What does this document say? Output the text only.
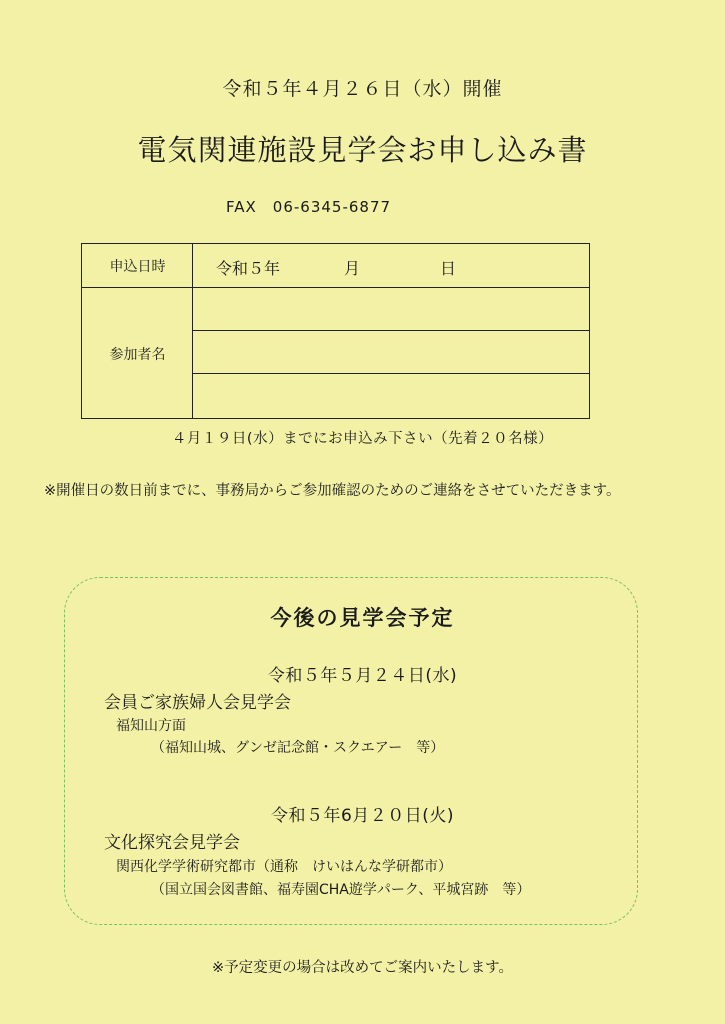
令和５年４月２６日（水）開催
電気関連施設見学会お申し込み書
FAX　06-6345-6877
申込日時	令和５年　　　　月　　　　　日
参加者名
４月１９日(水）までにお申込み下さい（先着２０名様）
※開催日の数日前までに、事務局からご参加確認のためのご連絡をさせていただきます。
今後の見学会予定
令和５年５月２４日(水)
会員ご家族婦人会見学会
福知山方面
（福知山城、グンゼ記念館・スクエアー　等）
令和５年6月２０日(火)
文化探究会見学会
関西化学学術研究都市（通称　けいはんな学研都市）
（国立国会図書館、福寿園CHA遊学パーク、平城宮跡　等）
※予定変更の場合は改めてご案内いたします。
